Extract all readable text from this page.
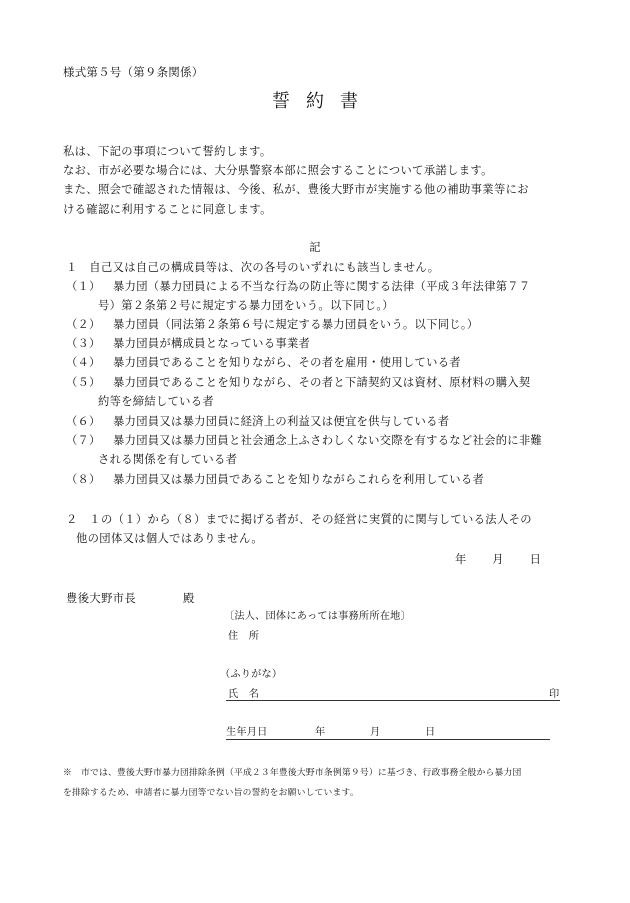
様式第５号（第９条関係）
誓約書
私は、下記の事項について誓約します。
なお、市が必要な場合には、大分県警察本部に照会することについて承諾します。
また、照会で確認された情報は、今後、私が、豊後大野市が実施する他の補助事業等にお
ける確認に利用することに同意します。
記
１　自己又は自己の構成員等は、次の各号のいずれにも該当しません。
（１） 暴力団（暴力団員による不当な行為の防止等に関する法律（平成３年法律第７７
号）第２条第２号に規定する暴力団をいう。以下同じ。）
（２） 暴力団員（同法第２条第６号に規定する暴力団員をいう。以下同じ。）
（３） 暴力団員が構成員となっている事業者
（４） 暴力団員であることを知りながら、その者を雇用・使用している者
（５） 暴力団員であることを知りながら、その者と下請契約又は資材、原材料の購入契
約等を締結している者
（６） 暴力団員又は暴力団員に経済上の利益又は便宜を供与している者
（７） 暴力団員又は暴力団員と社会通念上ふさわしくない交際を有するなど社会的に非難
される関係を有している者
（８） 暴力団員又は暴力団員であることを知りながらこれらを利用している者
２　１の（１）から（８）までに掲げる者が、その経営に実質的に関与している法人その
他の団体又は個人ではありません。
年 月 日
豊後大野市長	殿
〔法人、団体にあっては事務所所在地〕
住　所
（ふりがな）
氏　名	印
生年月日	年	月	日
※　市では、豊後大野市暴力団排除条例（平成２３年豊後大野市条例第９号）に基づき、行政事務全般から暴力団
を排除するため、申請者に暴力団等でない旨の誓約をお願いしています。
